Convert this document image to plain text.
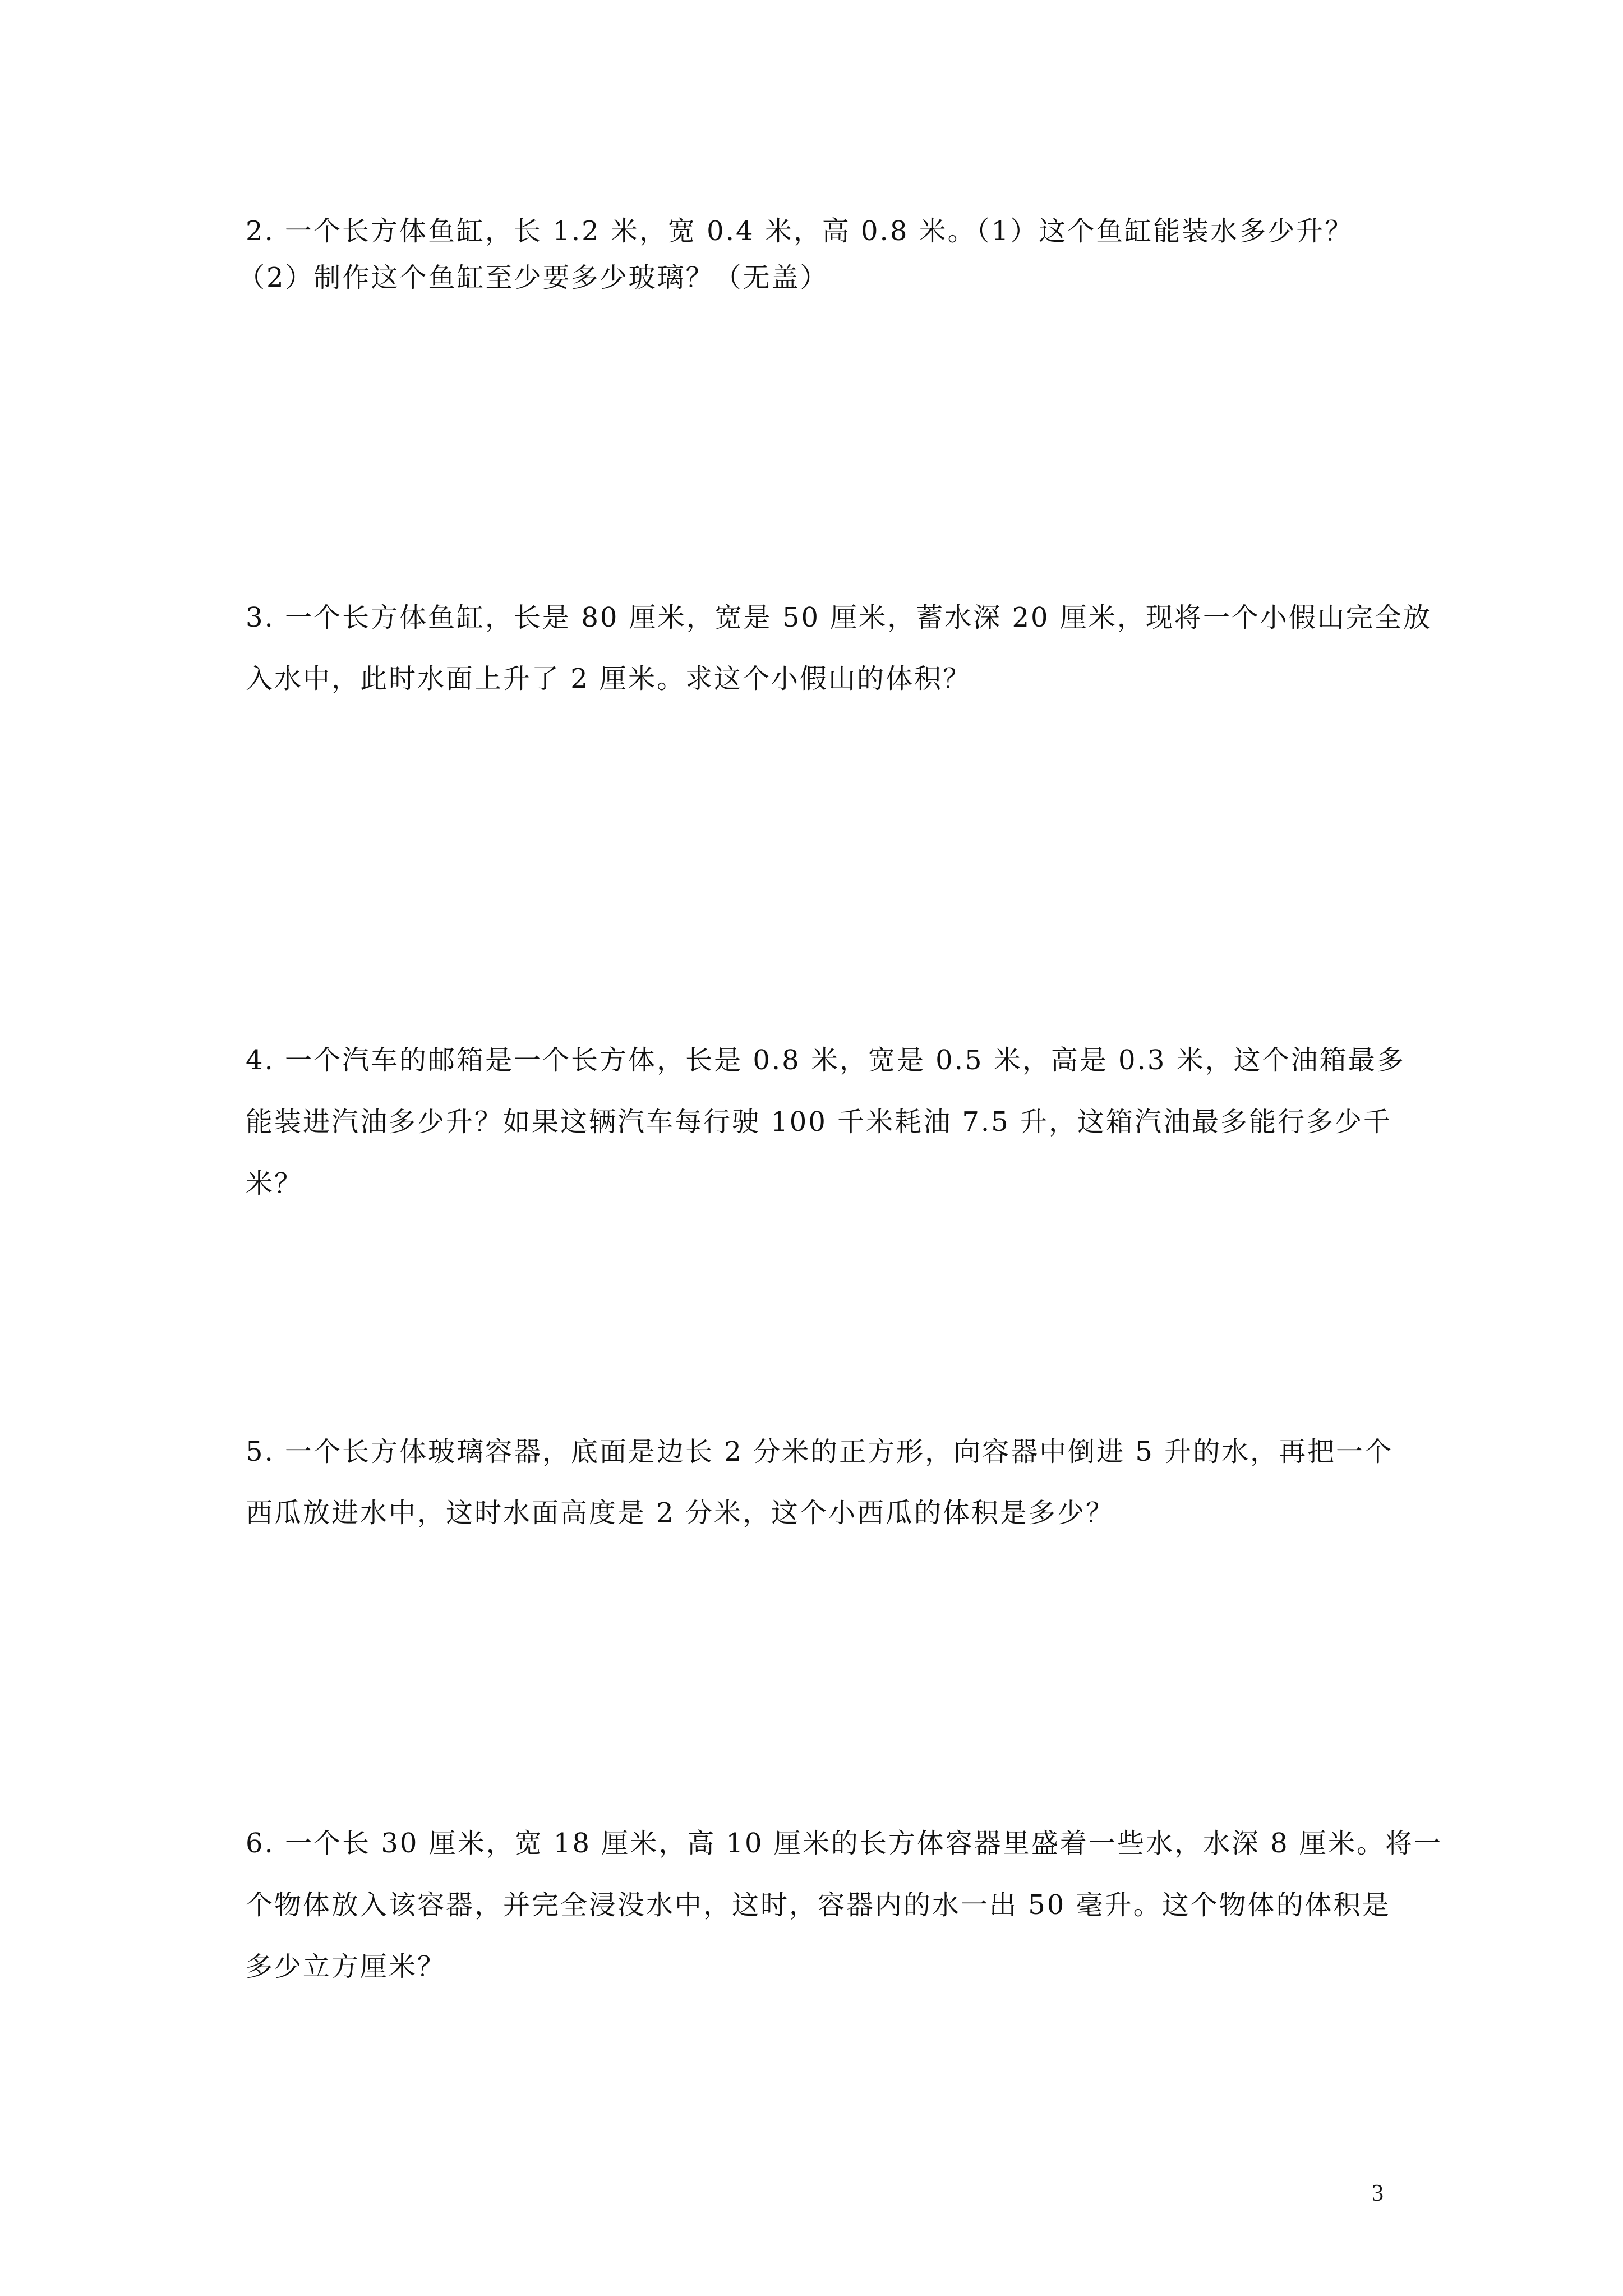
2. 一个长方体鱼缸，长 1.2 米，宽 0.4 米，高 0.8 米。（1）这个鱼缸能装水多少升？
（2）制作这个鱼缸至少要多少玻璃？（无盖）
3. 一个长方体鱼缸，长是 80 厘米，宽是 50 厘米，蓄水深 20 厘米，现将一个小假山完全放
入水中，此时水面上升了 2 厘米。求这个小假山的体积？
4. 一个汽车的邮箱是一个长方体，长是 0.8 米，宽是 0.5 米，高是 0.3 米，这个油箱最多
能装进汽油多少升？如果这辆汽车每行驶 100 千米耗油 7.5 升，这箱汽油最多能行多少千
米？
5. 一个长方体玻璃容器，底面是边长 2 分米的正方形，向容器中倒进 5 升的水，再把一个
西瓜放进水中，这时水面高度是 2 分米，这个小西瓜的体积是多少？
6. 一个长 30 厘米，宽 18 厘米，高 10 厘米的长方体容器里盛着一些水，水深 8 厘米。将一
个物体放入该容器，并完全浸没水中，这时，容器内的水一出 50 毫升。这个物体的体积是
多少立方厘米？
3
